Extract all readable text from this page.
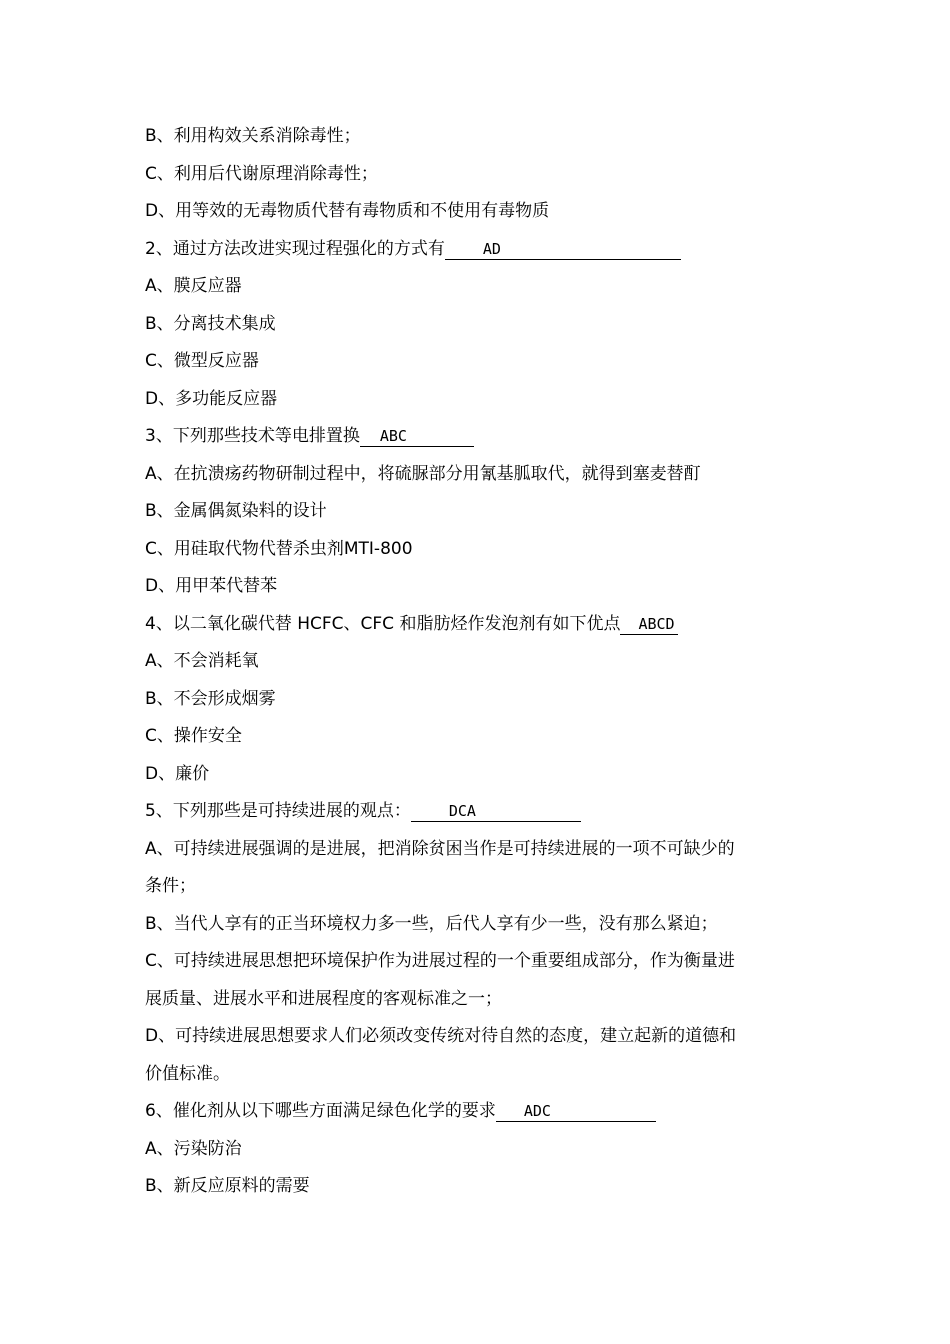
B、利用构效关系消除毒性；
C、利用后代谢原理消除毒性；
D、用等效的无毒物质代替有毒物质和不使用有毒物质
2、通过方法改进实现过程强化的方式有	AD
A、膜反应器
B、分离技术集成
C、微型反应器
D、多功能反应器
3、下列那些技术等电排置换 ABC
A、在抗溃疡药物研制过程中，将硫脲部分用氰基胍取代，就得到塞麦替酊
B、金属偶氮染料的设计
C、用硅取代物代替杀虫剂MTI-800
D、用甲苯代替苯
4、以二氧化碳代替 HCFC、CFC 和脂肪烃作发泡剂有如下优点 ABCD
A、不会消耗氧
B、不会形成烟雾
C、操作安全
D、廉价
5、下列那些是可持续进展的观点：	DCA
A、可持续进展强调的是进展，把消除贫困当作是可持续进展的一项不可缺少的
条件；
B、当代人享有的正当环境权力多一些，后代人享有少一些，没有那么紧迫；
C、可持续进展思想把环境保护作为进展过程的一个重要组成部分，作为衡量进
展质量、进展水平和进展程度的客观标准之一；
D、可持续进展思想要求人们必须改变传统对待自然的态度，建立起新的道德和
价值标准。
6、催化剂从以下哪些方面满足绿色化学的要求 ADC
A、污染防治
B、新反应原料的需要
